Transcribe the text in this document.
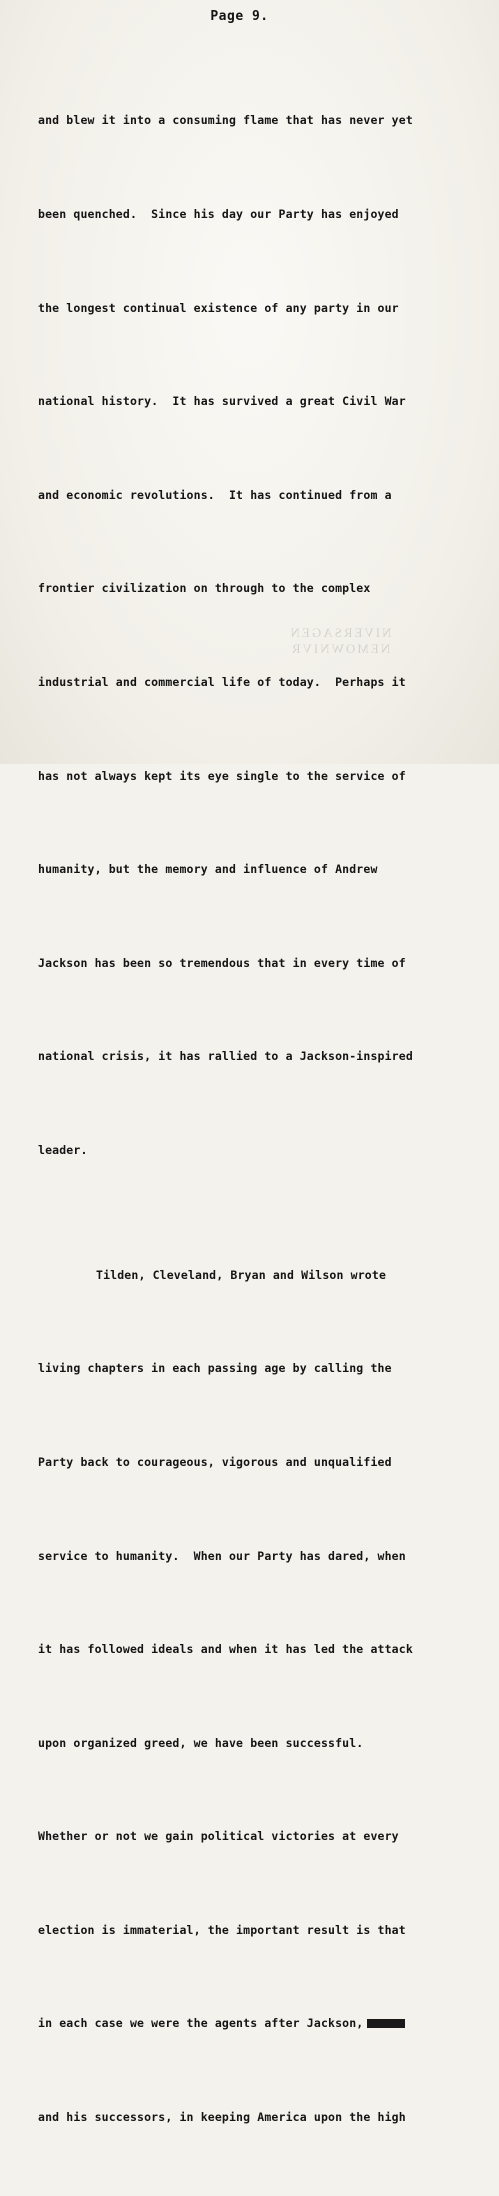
Page 9.

and blew it into a consuming flame that has never yet

been quenched.  Since his day our Party has enjoyed

the longest continual existence of any party in our

national history.  It has survived a great Civil War

and economic revolutions.  It has continued from a

frontier civilization on through to the complex

industrial and commercial life of today.  Perhaps it

has not always kept its eye single to the service of

humanity, but the memory and influence of Andrew

Jackson has been so tremendous that in every time of

national crisis, it has rallied to a Jackson-inspired

leader.

Tilden, Cleveland, Bryan and Wilson wrote

living chapters in each passing age by calling the

Party back to courageous, vigorous and unqualified

service to humanity.  When our Party has dared, when

it has followed ideals and when it has led the attack

upon organized greed, we have been successful.

Whether or not we gain political victories at every

election is immaterial, the important result is that

in each case we were the agents after Jackson,

and his successors, in keeping America upon the high

NIVERSAGEN
NEMOWNIVR
